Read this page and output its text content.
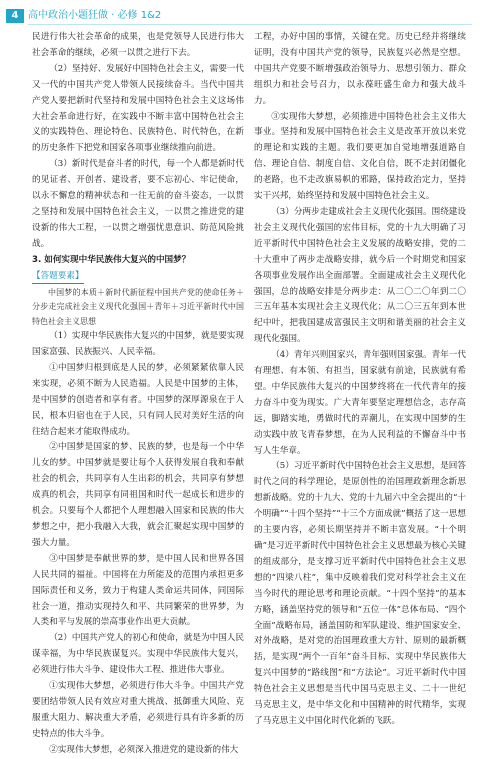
4 高中政治小题狂做 · 必修 1&2

民进行伟大社会革命的成果，也是党领导人民进行伟大社会革命的继续，必须一以贯之进行下去。

（2）坚持好、发展好中国特色社会主义，需要一代又一代的中国共产党人带领人民接续奋斗。当代中国共产党人要把新时代坚持和发展中国特色社会主义这场伟大社会革命进行好，在实践中不断丰富中国特色社会主义的实践特色、理论特色、民族特色、时代特色，在新的历史条件下把党和国家各项事业继续推向前进。

（3）新时代是奋斗者的时代，每一个人都是新时代的见证者、开创者、建设者，要不忘初心、牢记使命，以永不懈怠的精神状态和一往无前的奋斗姿态，一以贯之坚持和发展中国特色社会主义，一以贯之推进党的建设新的伟大工程，一以贯之增强忧患意识、防范风险挑战。

3. 如何实现中华民族伟大复兴的中国梦？

【答题要素】

中国梦的本质＋新时代新征程中国共产党的使命任务＋分步走完成社会主义现代化强国＋青年＋习近平新时代中国特色社会主义思想

（1）实现中华民族伟大复兴的中国梦，就是要实现国家富强、民族振兴、人民幸福。

①中国梦归根到底是人民的梦，必须紧紧依靠人民来实现，必须不断为人民造福。人民是中国梦的主体，是中国梦的创造者和享有者。中国梦的深厚源泉在于人民，根本归宿也在于人民，只有同人民对美好生活的向往结合起来才能取得成功。

②中国梦是国家的梦、民族的梦，也是每一个中华儿女的梦。中国梦就是要让每个人获得发展自我和奉献社会的机会，共同享有人生出彩的机会，共同享有梦想成真的机会，共同享有同祖国和时代一起成长和进步的机会。只要每个人都把个人理想融入国家和民族的伟大梦想之中，把小我融入大我，就会汇聚起实现中国梦的强大力量。

③中国梦是奉献世界的梦，是中国人民和世界各国人民共同的福祉。中国将在力所能及的范围内承担更多国际责任和义务，致力于构建人类命运共同体，同国际社会一道，推动实现持久和平、共同繁荣的世界梦，为人类和平与发展的崇高事业作出更大贡献。

（2）中国共产党人的初心和使命，就是为中国人民谋幸福，为中华民族谋复兴。实现中华民族伟大复兴，必须进行伟大斗争、建设伟大工程、推进伟大事业。

①实现伟大梦想，必须进行伟大斗争。中国共产党要团结带领人民有效应对重大挑战、抵御重大风险、克服重大阻力、解决重大矛盾，必须进行具有许多新的历史特点的伟大斗争。

②实现伟大梦想，必须深入推进党的建设新的伟大

工程，办好中国的事情，关键在党。历史已经并将继续证明，没有中国共产党的领导，民族复兴必然是空想。中国共产党要不断增强政治领导力、思想引领力、群众组织力和社会号召力，以永葆旺盛生命力和强大战斗力。

③实现伟大梦想，必须推进中国特色社会主义伟大事业。坚持和发展中国特色社会主义是改革开放以来党的理论和实践的主题。我们要更加自觉地增强道路自信、理论自信、制度自信、文化自信，既不走封闭僵化的老路，也不走改旗易帜的邪路，保持政治定力，坚持实干兴邦，始终坚持和发展中国特色社会主义。

（3）分两步走建成社会主义现代化强国。围绕建设社会主义现代化强国的宏伟目标，党的十九大明确了习近平新时代中国特色社会主义发展的战略安排，党的二十大重申了两步走战略安排，就今后一个时期党和国家各项事业发展作出全面部署。全面建成社会主义现代化强国，总的战略安排是分两步走：从二〇二〇年到二〇三五年基本实现社会主义现代化；从二〇三五年到本世纪中叶，把我国建成富强民主文明和谐美丽的社会主义现代化强国。

（4）青年兴则国家兴，青年强则国家强。青年一代有理想、有本领、有担当，国家就有前途，民族就有希望。中华民族伟大复兴的中国梦终将在一代代青年的接力奋斗中变为现实。广大青年要坚定理想信念，志存高远，脚踏实地，勇做时代的弄潮儿，在实现中国梦的生动实践中放飞青春梦想，在为人民利益的不懈奋斗中书写人生华章。

（5）习近平新时代中国特色社会主义思想，是回答时代之问的科学理论，是原创性的治国理政新理念新思想新战略。党的十九大、党的十九届六中全会提出的“十个明确”“十四个坚持”“十三个方面成就”概括了这一思想的主要内容，必须长期坚持并不断丰富发展。“十个明确”是习近平新时代中国特色社会主义思想最为核心关键的组成部分，是支撑习近平新时代中国特色社会主义思想的“四梁八柱”，集中反映着我们党对科学社会主义在当今时代的理论思考和理论贡献。“十四个坚持”的基本方略，涵盖坚持党的领导和“五位一体”总体布局、“四个全面”战略布局，涵盖国防和军队建设、维护国家安全、对外战略，是对党的治国理政重大方针、原则的最新概括，是实现“两个一百年”奋斗目标、实现中华民族伟大复兴中国梦的“路线图”和“方法论”。习近平新时代中国特色社会主义思想是当代中国马克思主义、二十一世纪马克思主义，是中华文化和中国精神的时代精华，实现了马克思主义中国化时代化新的飞跃。
